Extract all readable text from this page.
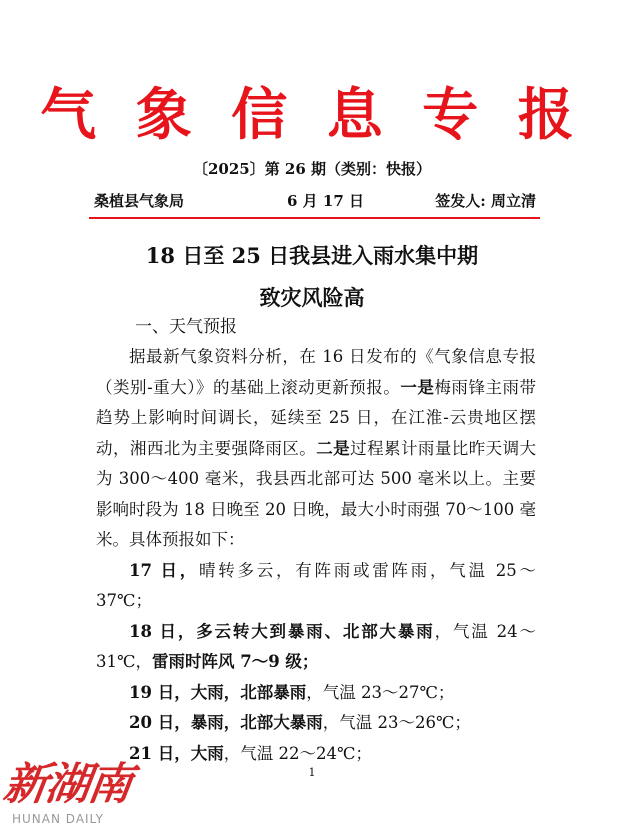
气 象 信 息 专 报
〔2025〕第 26 期（类别：快报）
桑植县气象局	6 月 17 日	签发人: 周立清
18 日至 25 日我县进入雨水集中期
致灾风险高
一、天气预报

据最新气象资料分析，在 16 日发布的《气象信息专报（类别-重大）》的基础上滚动更新预报。一是梅雨锋主雨带趋势上影响时间调长，延续至 25 日，在江淮-云贵地区摆动，湘西北为主要强降雨区。二是过程累计雨量比昨天调大为 300～400 毫米，我县西北部可达 500 毫米以上。主要影响时段为 18 日晚至 20 日晚，最大小时雨强 70～100 毫米。具体预报如下：

17 日，晴转多云，有阵雨或雷阵雨，气温 25～37℃；

18 日，多云转大到暴雨、北部大暴雨，气温 24～31℃，雷雨时阵风 7～9 级；

19 日，大雨，北部暴雨，气温 23～27℃；

20 日，暴雨，北部大暴雨，气温 23～26℃；

21 日，大雨，气温 22～24℃；

1
新湖南
HUNAN DAILY
